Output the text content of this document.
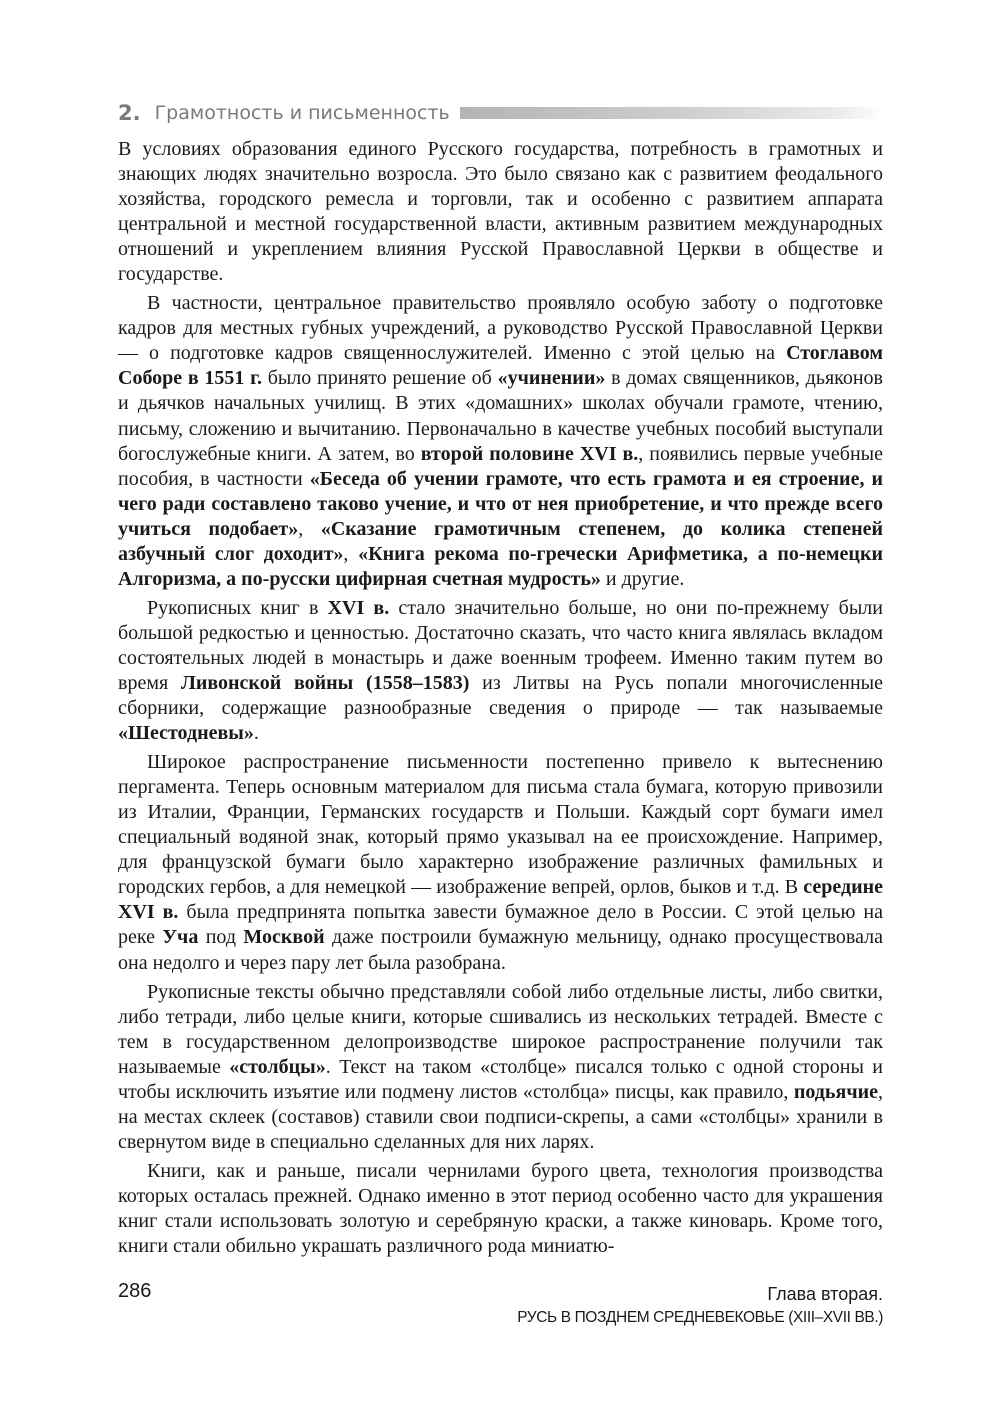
2. Грамотность и письменность

В условиях образования единого Русского государства, потребность в грамотных и знающих людях значительно возросла. Это было связано как с развитием феодального хозяйства, городского ремесла и торговли, так и особенно с развитием аппарата центральной и местной государственной власти, активным развитием международных отношений и укреплением влияния Русской Православной Церкви в обществе и государстве.

В частности, центральное правительство проявляло особую заботу о подготовке кадров для местных губных учреждений, а руководство Русской Православной Церкви — о подготовке кадров священнослужителей. Именно с этой целью на Стоглавом Соборе в 1551 г. было принято решение об «учинении» в домах священников, дьяконов и дьячков начальных училищ. В этих «домашних» школах обучали грамоте, чтению, письму, сложению и вычитанию. Первоначально в качестве учебных пособий выступали богослужебные книги. А затем, во второй половине XVI в., появились первые учебные пособия, в частности «Беседа об учении грамоте, что есть грамота и ея строение, и чего ради составлено таково учение, и что от нея приобретение, и что прежде всего учиться подобает», «Сказание грамотичным степенем, до колика степеней азбучный слог доходит», «Книга рекома по-гречески Арифметика, а по-немецки Алгоризма, а по-русски цифирная счетная мудрость» и другие.

Рукописных книг в XVI в. стало значительно больше, но они по-прежнему были большой редкостью и ценностью. Достаточно сказать, что часто книга являлась вкладом состоятельных людей в монастырь и даже военным трофеем. Именно таким путем во время Ливонской войны (1558–1583) из Литвы на Русь попали многочисленные сборники, содержащие разнообразные сведения о природе — так называемые «Шестодневы».

Широкое распространение письменности постепенно привело к вытеснению пергамента. Теперь основным материалом для письма стала бумага, которую привозили из Италии, Франции, Германских государств и Польши. Каждый сорт бумаги имел специальный водяной знак, который прямо указывал на ее происхождение. Например, для французской бумаги было характерно изображение различных фамильных и городских гербов, а для немецкой — изображение вепрей, орлов, быков и т.д. В середине XVI в. была предпринята попытка завести бумажное дело в России. С этой целью на реке Уча под Москвой даже построили бумажную мельницу, однако просуществовала она недолго и через пару лет была разобрана.

Рукописные тексты обычно представляли собой либо отдельные листы, либо свитки, либо тетради, либо целые книги, которые сшивались из нескольких тетрадей. Вместе с тем в государственном делопроизводстве широкое распространение получили так называемые «столбцы». Текст на таком «столбце» писался только с одной стороны и чтобы исключить изъятие или подмену листов «столбца» писцы, как правило, подьячие, на местах склеек (составов) ставили свои подписи-скрепы, а сами «столбцы» хранили в свернутом виде в специально сделанных для них ларях.

Книги, как и раньше, писали чернилами бурого цвета, технология производства которых осталась прежней. Однако именно в этот период особенно часто для украшения книг стали использовать золотую и серебряную краски, а также киноварь. Кроме того, книги стали обильно украшать различного рода миниатю-

286	Глава вторая.

РУСЬ В ПОЗДНЕМ СРЕДНЕВЕКОВЬЕ (XIII–XVII ВВ.)
